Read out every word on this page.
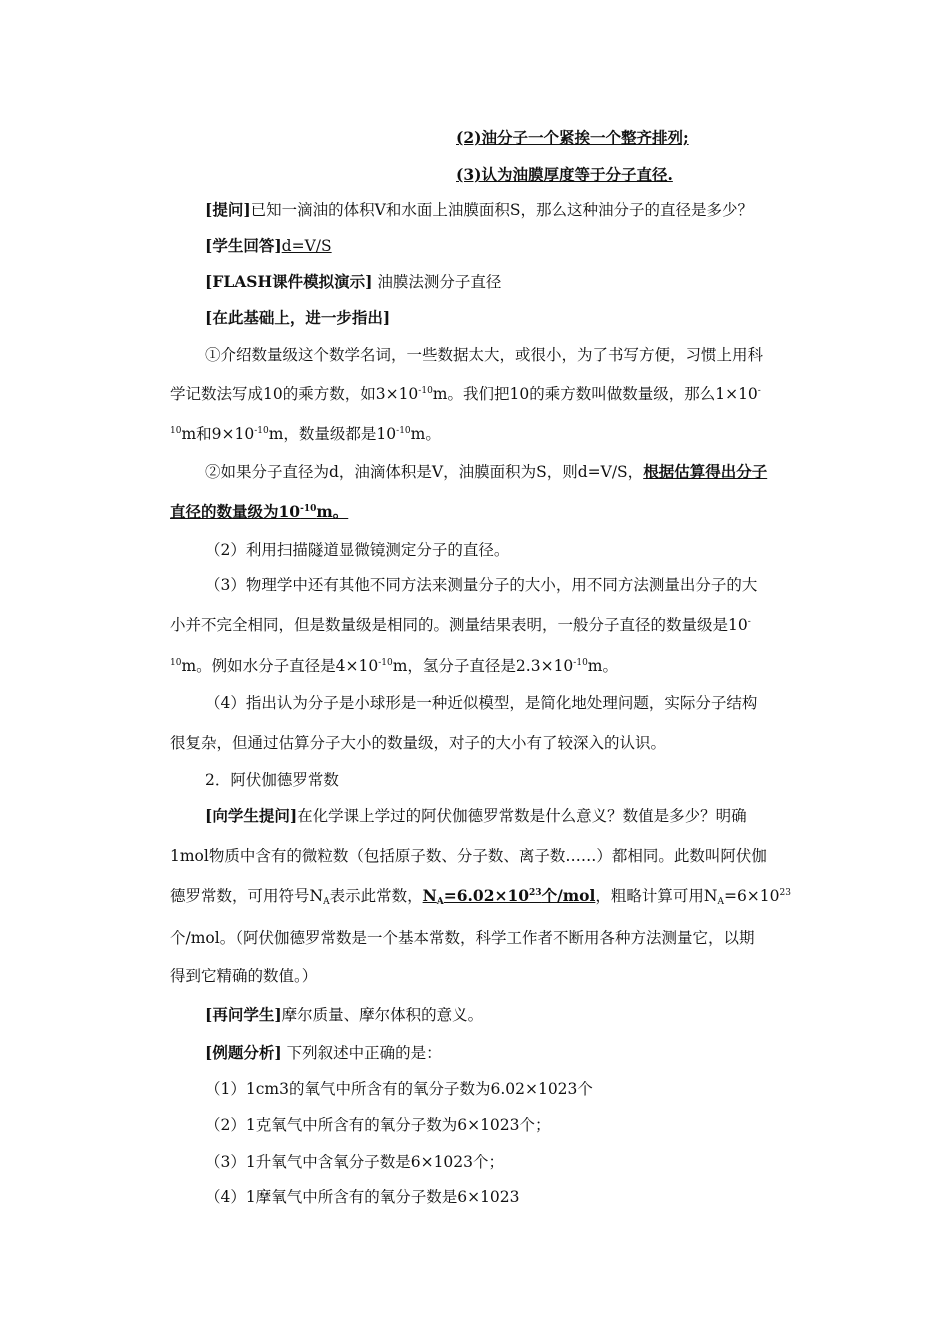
(2)油分子一个紧挨一个整齐排列;
(3)认为油膜厚度等于分子直径.
[提问]已知一滴油的体积V和水面上油膜面积S，那么这种油分子的直径是多少？
[学生回答]d=V/S
[FLASH课件模拟演示] 油膜法测分子直径
[在此基础上，进一步指出]
①介绍数量级这个数学名词，一些数据太大，或很小，为了书写方便，习惯上用科
学记数法写成10的乘方数，如$3\times 10^{-10}m$。我们把10的乘方数叫做数量级，那么1×10-
$^{10}$m和$9\times 10^{-10}m$，数量级都是$10^{-10}m$。
②如果分子直径为d，油滴体积是V，油膜面积为S，则d=V/S，根据估算得出分子
直径的数量级为$10^{-10}m$。
（2）利用扫描隧道显微镜测定分子的直径。
（3）物理学中还有其他不同方法来测量分子的大小，用不同方法测量出分子的大
小并不完全相同，但是数量级是相同的。测量结果表明，一般分子直径的数量级是10-
$^{10}$m。例如水分子直径是$4\times 10^{-10}m$，氢分子直径是$2.3\times 10^{-10}m$。
（4）指出认为分子是小球形是一种近似模型，是简化地处理问题，实际分子结构
很复杂，但通过估算分子大小的数量级，对子的大小有了较深入的认识。
2．阿伏伽德罗常数
[向学生提问]在化学课上学过的阿伏伽德罗常数是什么意义？数值是多少？明确
1mol物质中含有的微粒数（包括原子数、分子数、离子数……）都相同。此数叫阿伏伽
德罗常数，可用符号$N_A$表示此常数，$N_A=6.02\times 10^{23}$个/mol，粗略计算可用$N_A=6\times 10^{23}$
个/mol。（阿伏伽德罗常数是一个基本常数，科学工作者不断用各种方法测量它，以期
得到它精确的数值。）
[再问学生]摩尔质量、摩尔体积的意义。
[例题分析] 下列叙述中正确的是：
（1）1cm3的氧气中所含有的氧分子数为6.02×1023个
（2）1克氧气中所含有的氧分子数为6×1023个；
（3）1升氧气中含氧分子数是6×1023个；
（4）1摩氧气中所含有的氧分子数是6×1023
